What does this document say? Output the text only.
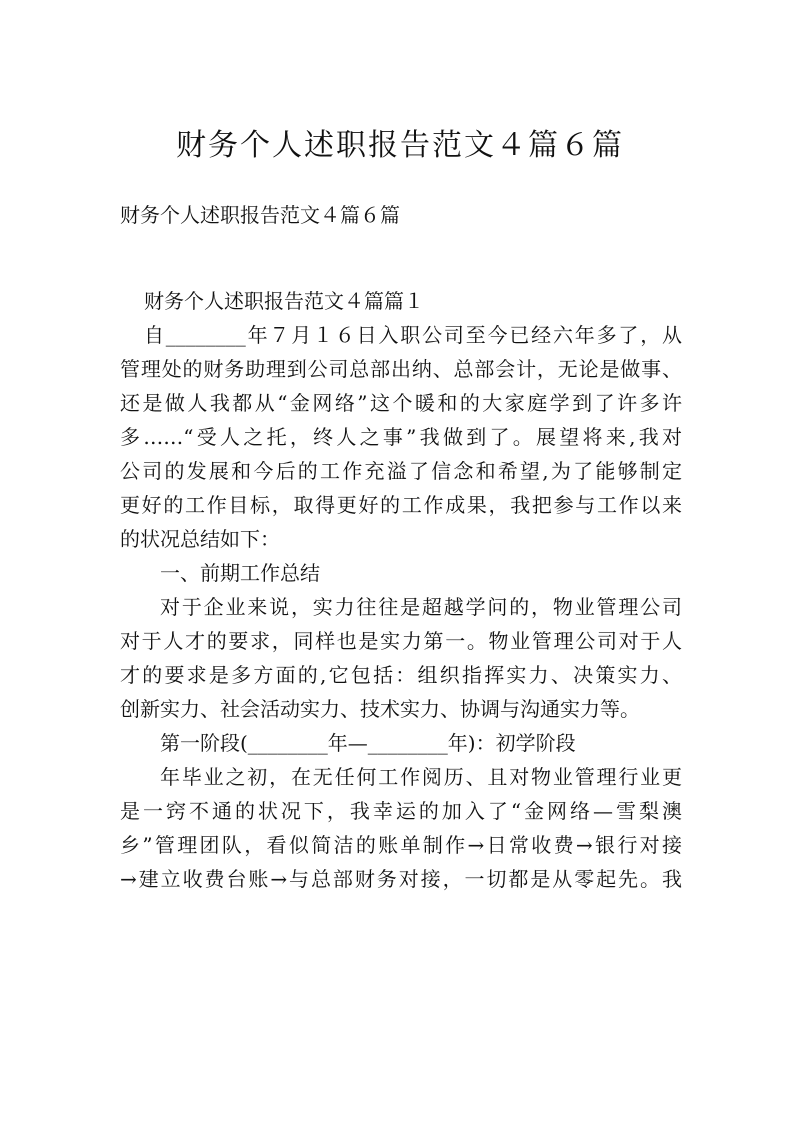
财务个人述职报告范文４篇６篇
财务个人述职报告范文４篇６篇
财务个人述职报告范文４篇篇１
自________年７月１６日入职公司至今已经六年多了，从
管理处的财务助理到公司总部出纳、总部会计，无论是做事、
还是做人我都从“金网络”这个暖和的大家庭学到了许多许
多……“受人之托，终人之事”我做到了。展望将来,我对
公司的发展和今后的工作充溢了信念和希望,为了能够制定
更好的工作目标，取得更好的工作成果，我把参与工作以来
的状况总结如下：
一、前期工作总结
对于企业来说，实力往往是超越学问的，物业管理公司
对于人才的要求，同样也是实力第一。物业管理公司对于人
才的要求是多方面的,它包括：组织指挥实力、决策实力、
创新实力、社会活动实力、技术实力、协调与沟通实力等。
第一阶段(________年—________年)：初学阶段
年毕业之初，在无任何工作阅历、且对物业管理行业更
是一窍不通的状况下，我幸运的加入了“金网络—雪梨澳
乡”管理团队，看似简洁的账单制作→日常收费→银行对接
→建立收费台账→与总部财务对接，一切都是从零起先。我
